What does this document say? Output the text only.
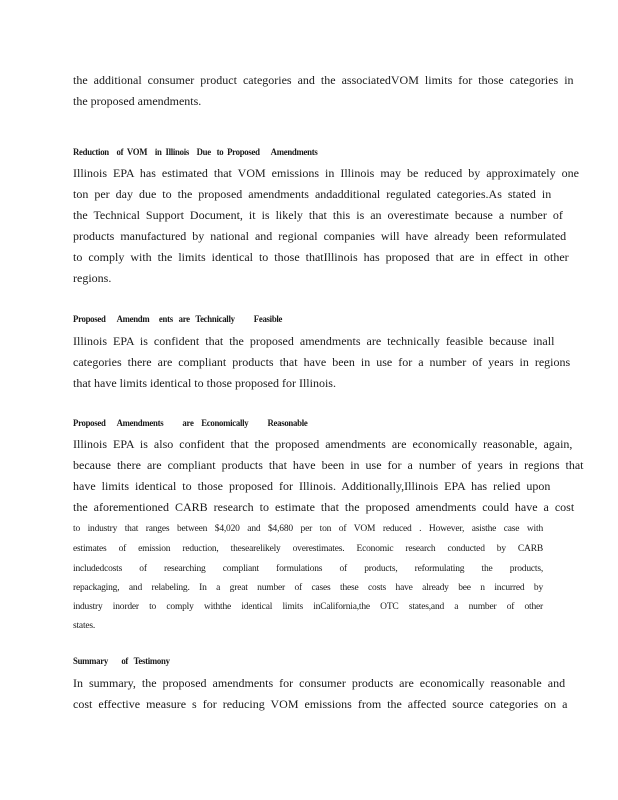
the additional consumer product categories and the associatedVOM limits for those categories in
the proposed amendments.
Reduction    of  VOM    in  Illinois    Due   to  Proposed      Amendments
Illinois EPA has estimated that VOM emissions in Illinois may be reduced by approximately one
ton per day due to the proposed amendments andadditional regulated categories.As stated in
the Technical Support Document, it is likely that this is an overestimate because a number of
products manufactured by national and regional companies will have already been reformulated
to comply with the limits identical to those thatIllinois has proposed that are in effect in other
regions.
Proposed      Amendm     ents   are   Technically          Feasible
Illinois EPA is confident that the proposed amendments are technically feasible because inall
categories there are compliant products that have been in use for a number of years in regions
that have limits identical to those proposed for Illinois.
Proposed      Amendments          are    Economically          Reasonable
Illinois EPA is also confident that the proposed amendments are economically reasonable, again,
because there are compliant products that have been in use for a number of years in regions that
have limits identical to those proposed for Illinois. Additionally,Illinois EPA has relied upon
the aforementioned CARB research to estimate that the proposed amendments could have a cost
to industry that ranges between $4,020 and $4,680 per ton of VOM reduced . However, asisthe case with
estimates of emission reduction, thesearelikely overestimates. Economic research conducted by CARB
includedcosts of researching compliant formulations of products, reformulating the products,
repackaging, and relabeling. In a great number of cases these costs have already bee n incurred by
industry inorder to comply withthe identical limits inCalifornia,the OTC states,and a number of other
states.
Summary       of   Testimony
In summary, the proposed amendments for consumer products are economically reasonable and
cost effective measure s for reducing VOM emissions from the affected source categories on a
